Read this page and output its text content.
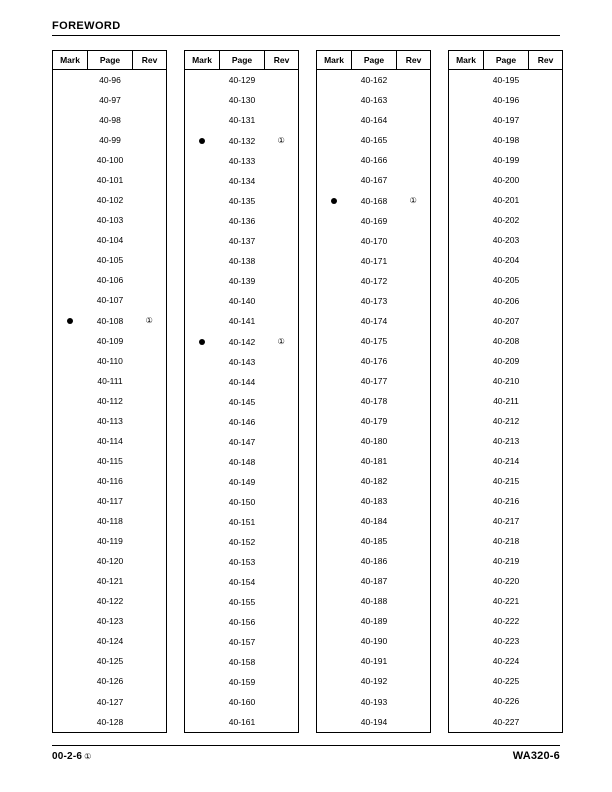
FOREWORD
Mark	Page	Rev
	40-96	
	40-97	
	40-98	
	40-99	
	40-100	
	40-101	
	40-102	
	40-103	
	40-104	
	40-105	
	40-106	
	40-107	
	40-108	①
	40-109	
	40-110	
	40-111	
	40-112	
	40-113	
	40-114	
	40-115	
	40-116	
	40-117	
	40-118	
	40-119	
	40-120	
	40-121	
	40-122	
	40-123	
	40-124	
	40-125	
	40-126	
	40-127	
	40-128	
Mark	Page	Rev
	40-129	
	40-130	
	40-131	
	40-132	①
	40-133	
	40-134	
	40-135	
	40-136	
	40-137	
	40-138	
	40-139	
	40-140	
	40-141	
	40-142	①
	40-143	
	40-144	
	40-145	
	40-146	
	40-147	
	40-148	
	40-149	
	40-150	
	40-151	
	40-152	
	40-153	
	40-154	
	40-155	
	40-156	
	40-157	
	40-158	
	40-159	
	40-160	
	40-161	
Mark	Page	Rev
	40-162	
	40-163	
	40-164	
	40-165	
	40-166	
	40-167	
	40-168	①
	40-169	
	40-170	
	40-171	
	40-172	
	40-173	
	40-174	
	40-175	
	40-176	
	40-177	
	40-178	
	40-179	
	40-180	
	40-181	
	40-182	
	40-183	
	40-184	
	40-185	
	40-186	
	40-187	
	40-188	
	40-189	
	40-190	
	40-191	
	40-192	
	40-193	
	40-194	
Mark	Page	Rev
	40-195	
	40-196	
	40-197	
	40-198	
	40-199	
	40-200	
	40-201	
	40-202	
	40-203	
	40-204	
	40-205	
	40-206	
	40-207	
	40-208	
	40-209	
	40-210	
	40-211	
	40-212	
	40-213	
	40-214	
	40-215	
	40-216	
	40-217	
	40-218	
	40-219	
	40-220	
	40-221	
	40-222	
	40-223	
	40-224	
	40-225	
	40-226	
	40-227	
00-2-6 ①	WA320-6
